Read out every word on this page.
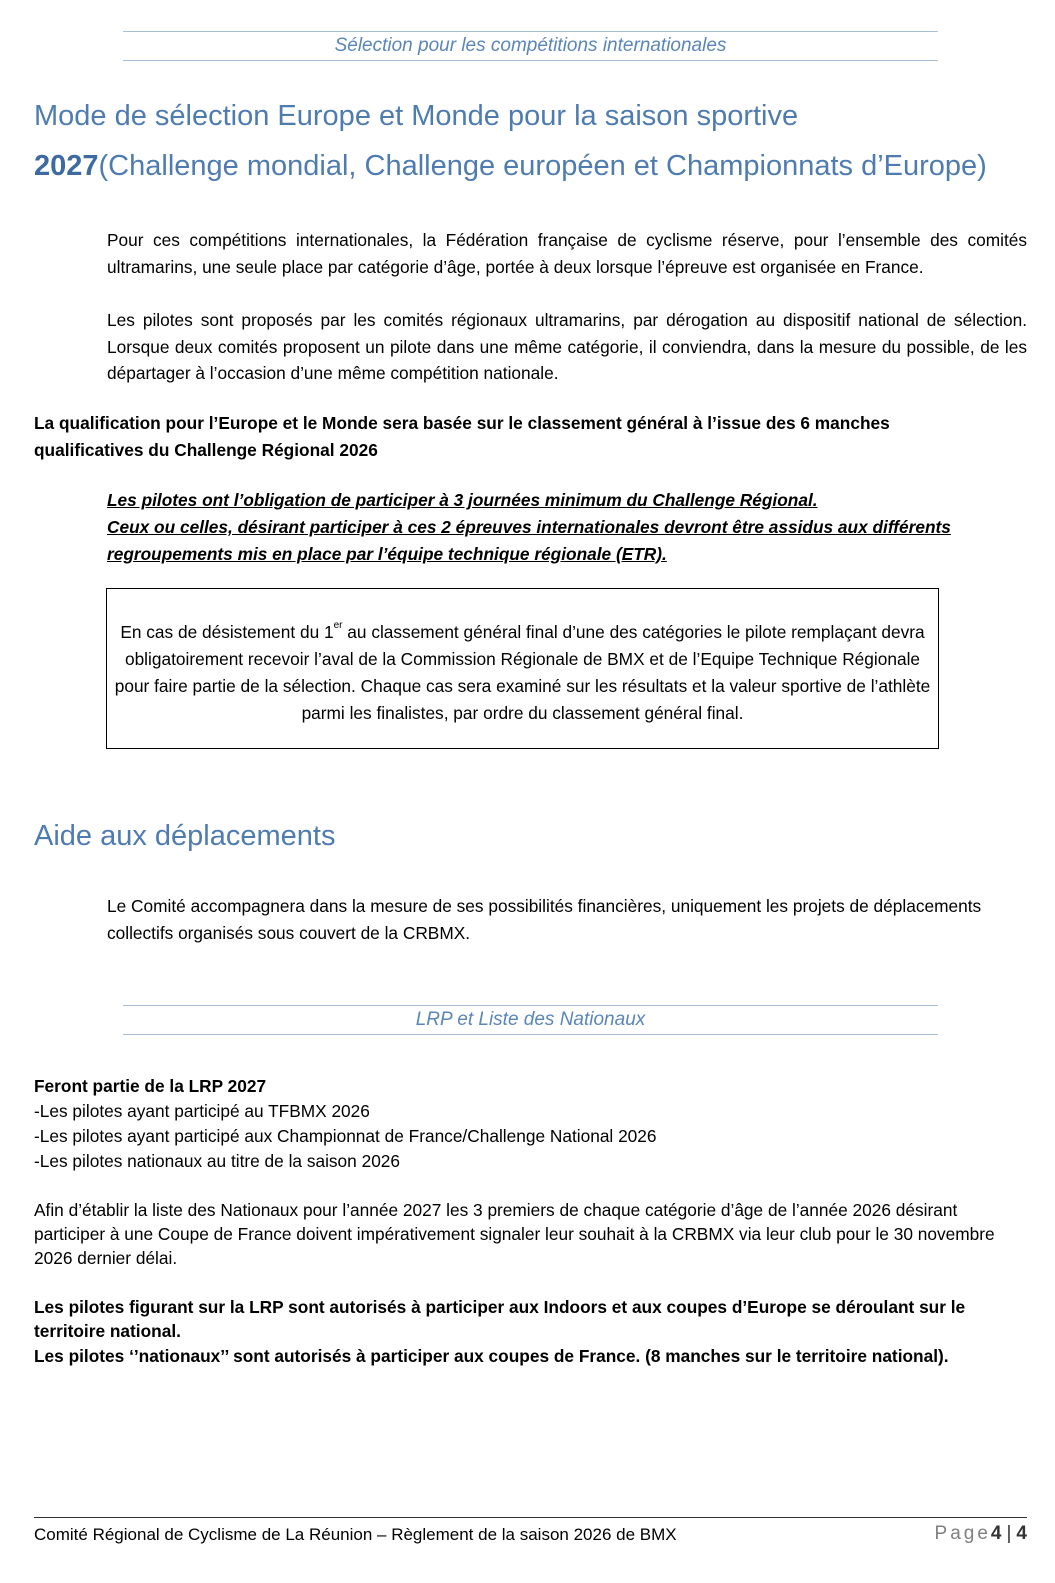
Sélection pour les compétitions internationales
Mode de sélection Europe et Monde pour la saison sportive
2027(Challenge mondial, Challenge européen et Championnats d’Europe)

Pour ces compétitions internationales, la Fédération française de cyclisme réserve, pour l’ensemble des comités ultramarins, une seule place par catégorie d’âge, portée à deux lorsque l’épreuve est organisée en France.

Les pilotes sont proposés par les comités régionaux ultramarins, par dérogation au dispositif national de sélection. Lorsque deux comités proposent un pilote dans une même catégorie, il conviendra, dans la mesure du possible, de les départager à l’occasion d’une même compétition nationale.

La qualification pour l’Europe et le Monde sera basée sur le classement général à l’issue des 6 manches qualificatives du Challenge Régional 2026

Les pilotes ont l’obligation de participer à 3 journées minimum du Challenge Régional.

Ceux ou celles, désirant participer à ces 2 épreuves internationales devront être assidus aux différents regroupements mis en place par l’équipe technique régionale (ETR).

En cas de désistement du 1er au classement général final d’une des catégories le pilote remplaçant devra obligatoirement recevoir l’aval de la Commission Régionale de BMX et de l’Equipe Technique Régionale pour faire partie de la sélection. Chaque cas sera examiné sur les résultats et la valeur sportive de l’athlète parmi les finalistes, par ordre du classement général final.
Aide aux déplacements

Le Comité accompagnera dans la mesure de ses possibilités financières, uniquement les projets de déplacements collectifs organisés sous couvert de la CRBMX.

LRP et Liste des Nationaux
Feront partie de la LRP 2027
-Les pilotes ayant participé au TFBMX 2026
-Les pilotes ayant participé aux Championnat de France/Challenge National 2026
-Les pilotes nationaux au titre de la saison 2026

Afin d’établir la liste des Nationaux pour l’année 2027 les 3 premiers de chaque catégorie d’âge de l’année 2026 désirant participer à une Coupe de France doivent impérativement signaler leur souhait à la CRBMX via leur club pour le 30 novembre 2026 dernier délai.

Les pilotes figurant sur la LRP sont autorisés à participer aux Indoors et aux coupes d’Europe se déroulant sur le territoire national.

Les pilotes ‘’nationaux’’ sont autorisés à participer aux coupes de France. (8 manches sur le territoire national).

Comité Régional de Cyclisme de La Réunion – Règlement de la saison 2026 de BMX	Page4 | 4
